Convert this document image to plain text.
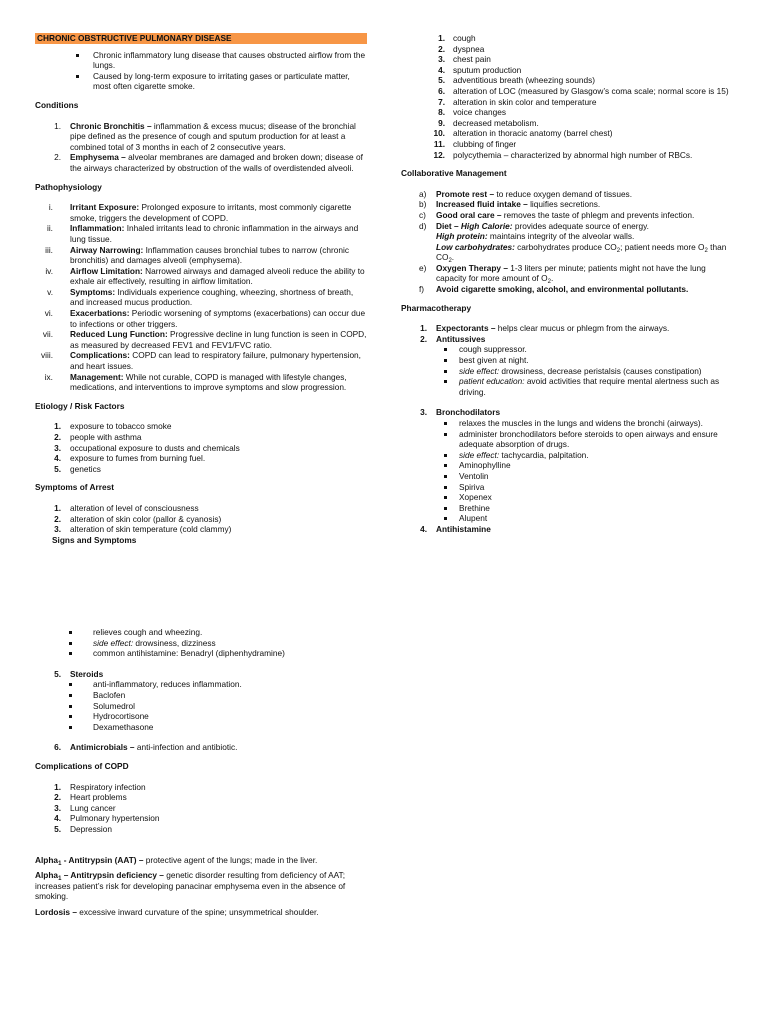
CHRONIC OBSTRUCTIVE PULMONARY DISEASE
Chronic inflammatory lung disease that causes obstructed airflow from the lungs.
Caused by long-term exposure to irritating gases or particulate matter, most often cigarette smoke.
Conditions
1. Chronic Bronchitis – inflammation & excess mucus; disease of the bronchial pipe defined as the presence of cough and sputum production for at least a combined total of 3 months in each of 2 consecutive years.
2. Emphysema – alveolar membranes are damaged and broken down; disease of the airways characterized by obstruction of the walls of overdistended alveoli.
Pathophysiology
i. Irritant Exposure: Prolonged exposure to irritants, most commonly cigarette smoke, triggers the development of COPD.
ii. Inflammation: Inhaled irritants lead to chronic inflammation in the airways and lung tissue.
iii. Airway Narrowing: Inflammation causes bronchial tubes to narrow (chronic bronchitis) and damages alveoli (emphysema).
iv. Airflow Limitation: Narrowed airways and damaged alveoli reduce the ability to exhale air effectively, resulting in airflow limitation.
v. Symptoms: Individuals experience coughing, wheezing, shortness of breath, and increased mucus production.
vi. Exacerbations: Periodic worsening of symptoms (exacerbations) can occur due to infections or other triggers.
vii. Reduced Lung Function: Progressive decline in lung function is seen in COPD, as measured by decreased FEV1 and FEV1/FVC ratio.
viii. Complications: COPD can lead to respiratory failure, pulmonary hypertension, and heart issues.
ix. Management: While not curable, COPD is managed with lifestyle changes, medications, and interventions to improve symptoms and slow progression.
Etiology / Risk Factors
1. exposure to tobacco smoke
2. people with asthma
3. occupational exposure to dusts and chemicals
4. exposure to fumes from burning fuel.
5. genetics
Symptoms of Arrest
1. alteration of level of consciousness
2. alteration of skin color (pallor & cyanosis)
3. alteration of skin temperature (cold clammy)
Signs and Symptoms
1. cough
2. dyspnea
3. chest pain
4. sputum production
5. adventitious breath (wheezing sounds)
6. alteration of LOC (measured by Glasgow’s coma scale; normal score is 15)
7. alteration in skin color and temperature
8. voice changes
9. decreased metabolism.
10. alteration in thoracic anatomy (barrel chest)
11. clubbing of finger
12. polycythemia – characterized by abnormal high number of RBCs.
Collaborative Management
a) Promote rest – to reduce oxygen demand of tissues.
b) Increased fluid intake – liquifies secretions.
c) Good oral care – removes the taste of phlegm and prevents infection.
d) Diet – High Calorie: provides adequate source of energy.
High protein: maintains integrity of the alveolar walls.
Low carbohydrates: carbohydrates produce $CO_2$; patient needs more $O_2$ than $CO_2$.
e) Oxygen Therapy – 1-3 liters per minute; patients might not have the lung capacity for more amount of $O_2$.
f) Avoid cigarette smoking, alcohol, and environmental pollutants.
Pharmacotherapy
1. Expectorants – helps clear mucus or phlegm from the airways.
2. Antitussives
cough suppressor.
best given at night.
side effect: drowsiness, decrease peristalsis (causes constipation)
patient education: avoid activities that require mental alertness such as driving.
3. Bronchodilators
relaxes the muscles in the lungs and widens the bronchi (airways).
administer bronchodilators before steroids to open airways and ensure adequate absorption of drugs.
side effect: tachycardia, palpitation.
Aminophylline
Ventolin
Spiriva
Xopenex
Brethine
Alupent
4. Antihistamine
relieves cough and wheezing.
side effect: drowsiness, dizziness
common antihistamine: Benadryl (diphenhydramine)
5. Steroids
anti-inflammatory, reduces inflammation.
Baclofen
Solumedrol
Hydrocortisone
Dexamethasone
6. Antimicrobials – anti-infection and antibiotic.
Complications of COPD
1. Respiratory infection
2. Heart problems
3. Lung cancer
4. Pulmonary hypertension
5. Depression
Alpha$_1$ - Antitrypsin (AAT) – protective agent of the lungs; made in the liver.
Alpha$_1$ – Antitrypsin deficiency – genetic disorder resulting from deficiency of AAT; increases patient’s risk for developing panacinar emphysema even in the absence of smoking.
Lordosis – excessive inward curvature of the spine; unsymmetrical shoulder.
